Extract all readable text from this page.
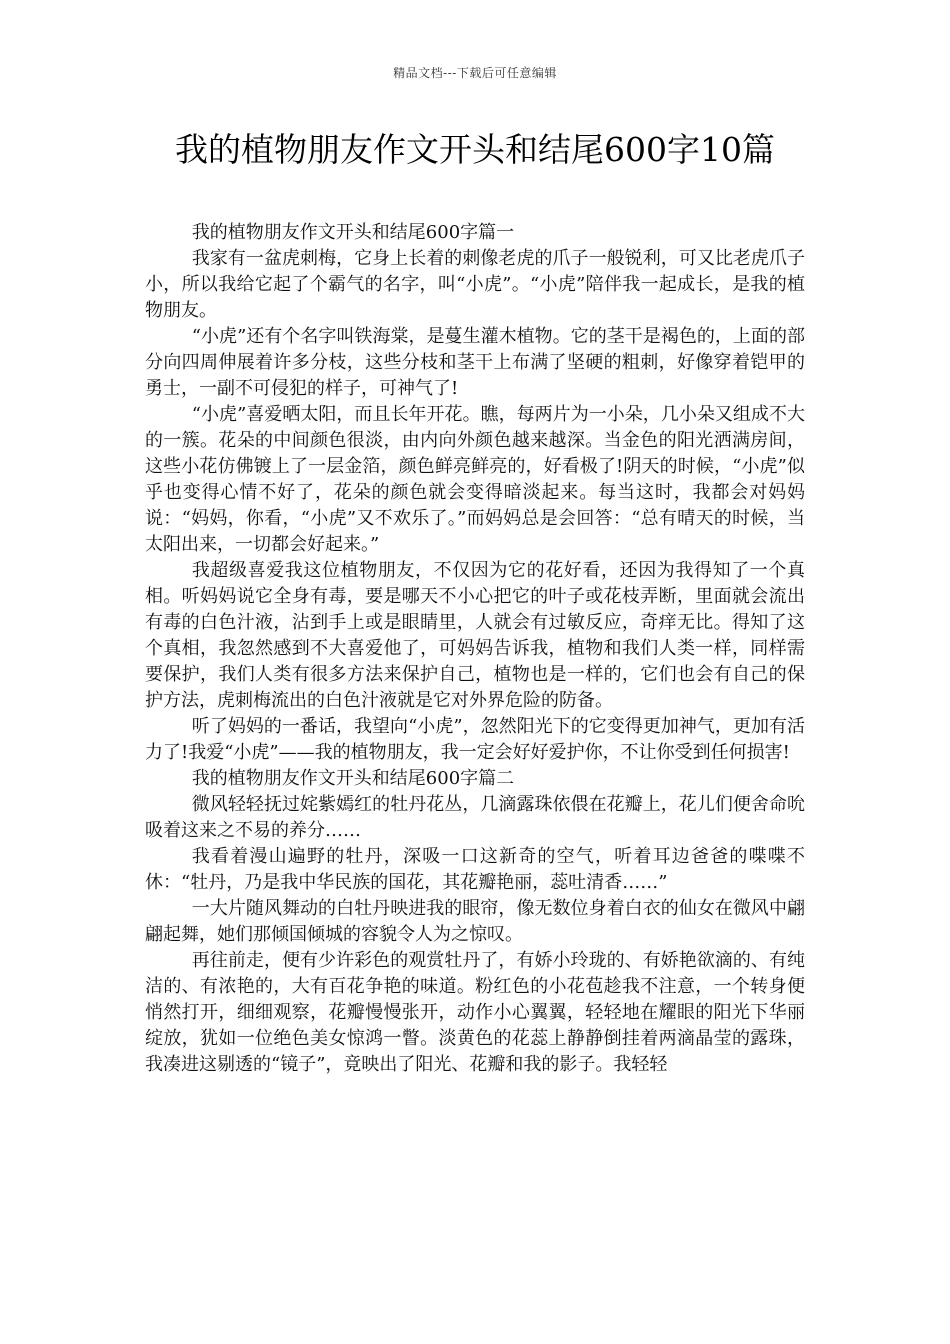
精品文档---下载后可任意编辑
我的植物朋友作文开头和结尾600字10篇

我的植物朋友作文开头和结尾600字篇一

我家有一盆虎刺梅，它身上长着的刺像老虎的爪子一般锐利，可又比老虎爪子小，所以我给它起了个霸气的名字，叫“小虎”。“小虎”陪伴我一起成长，是我的植物朋友。

“小虎”还有个名字叫铁海棠，是蔓生灌木植物。它的茎干是褐色的，上面的部分向四周伸展着许多分枝，这些分枝和茎干上布满了坚硬的粗刺，好像穿着铠甲的勇士，一副不可侵犯的样子，可神气了!

“小虎”喜爱晒太阳，而且长年开花。瞧，每两片为一小朵，几小朵又组成不大的一簇。花朵的中间颜色很淡，由内向外颜色越来越深。当金色的阳光洒满房间，这些小花仿佛镀上了一层金箔，颜色鲜亮鲜亮的，好看极了!阴天的时候，“小虎”似乎也变得心情不好了，花朵的颜色就会变得暗淡起来。每当这时，我都会对妈妈说：“妈妈，你看，“小虎”又不欢乐了。”而妈妈总是会回答：“总有晴天的时候，当太阳出来，一切都会好起来。”

我超级喜爱我这位植物朋友，不仅因为它的花好看，还因为我得知了一个真相。听妈妈说它全身有毒，要是哪天不小心把它的叶子或花枝弄断，里面就会流出有毒的白色汁液，沾到手上或是眼睛里，人就会有过敏反应，奇痒无比。得知了这个真相，我忽然感到不大喜爱他了，可妈妈告诉我，植物和我们人类一样，同样需要保护，我们人类有很多方法来保护自己，植物也是一样的，它们也会有自己的保护方法，虎刺梅流出的白色汁液就是它对外界危险的防备。

听了妈妈的一番话，我望向“小虎”，忽然阳光下的它变得更加神气，更加有活力了!我爱“小虎”——我的植物朋友，我一定会好好爱护你，不让你受到任何损害!

我的植物朋友作文开头和结尾600字篇二

微风轻轻抚过姹紫嫣红的牡丹花丛，几滴露珠依偎在花瓣上，花儿们便舍命吮吸着这来之不易的养分……

我看着漫山遍野的牡丹，深吸一口这新奇的空气，听着耳边爸爸的喋喋不休：“牡丹，乃是我中华民族的国花，其花瓣艳丽，蕊吐清香……”

一大片随风舞动的白牡丹映进我的眼帘，像无数位身着白衣的仙女在微风中翩翩起舞，她们那倾国倾城的容貌令人为之惊叹。

再往前走，便有少许彩色的观赏牡丹了，有娇小玲珑的、有娇艳欲滴的、有纯洁的、有浓艳的，大有百花争艳的味道。粉红色的小花苞趁我不注意，一个转身便悄然打开，细细观察，花瓣慢慢张开，动作小心翼翼，轻轻地在耀眼的阳光下华丽绽放，犹如一位绝色美女惊鸿一瞥。淡黄色的花蕊上静静倒挂着两滴晶莹的露珠，我凑进这剔透的“镜子”，竟映出了阳光、花瓣和我的影子。我轻轻
